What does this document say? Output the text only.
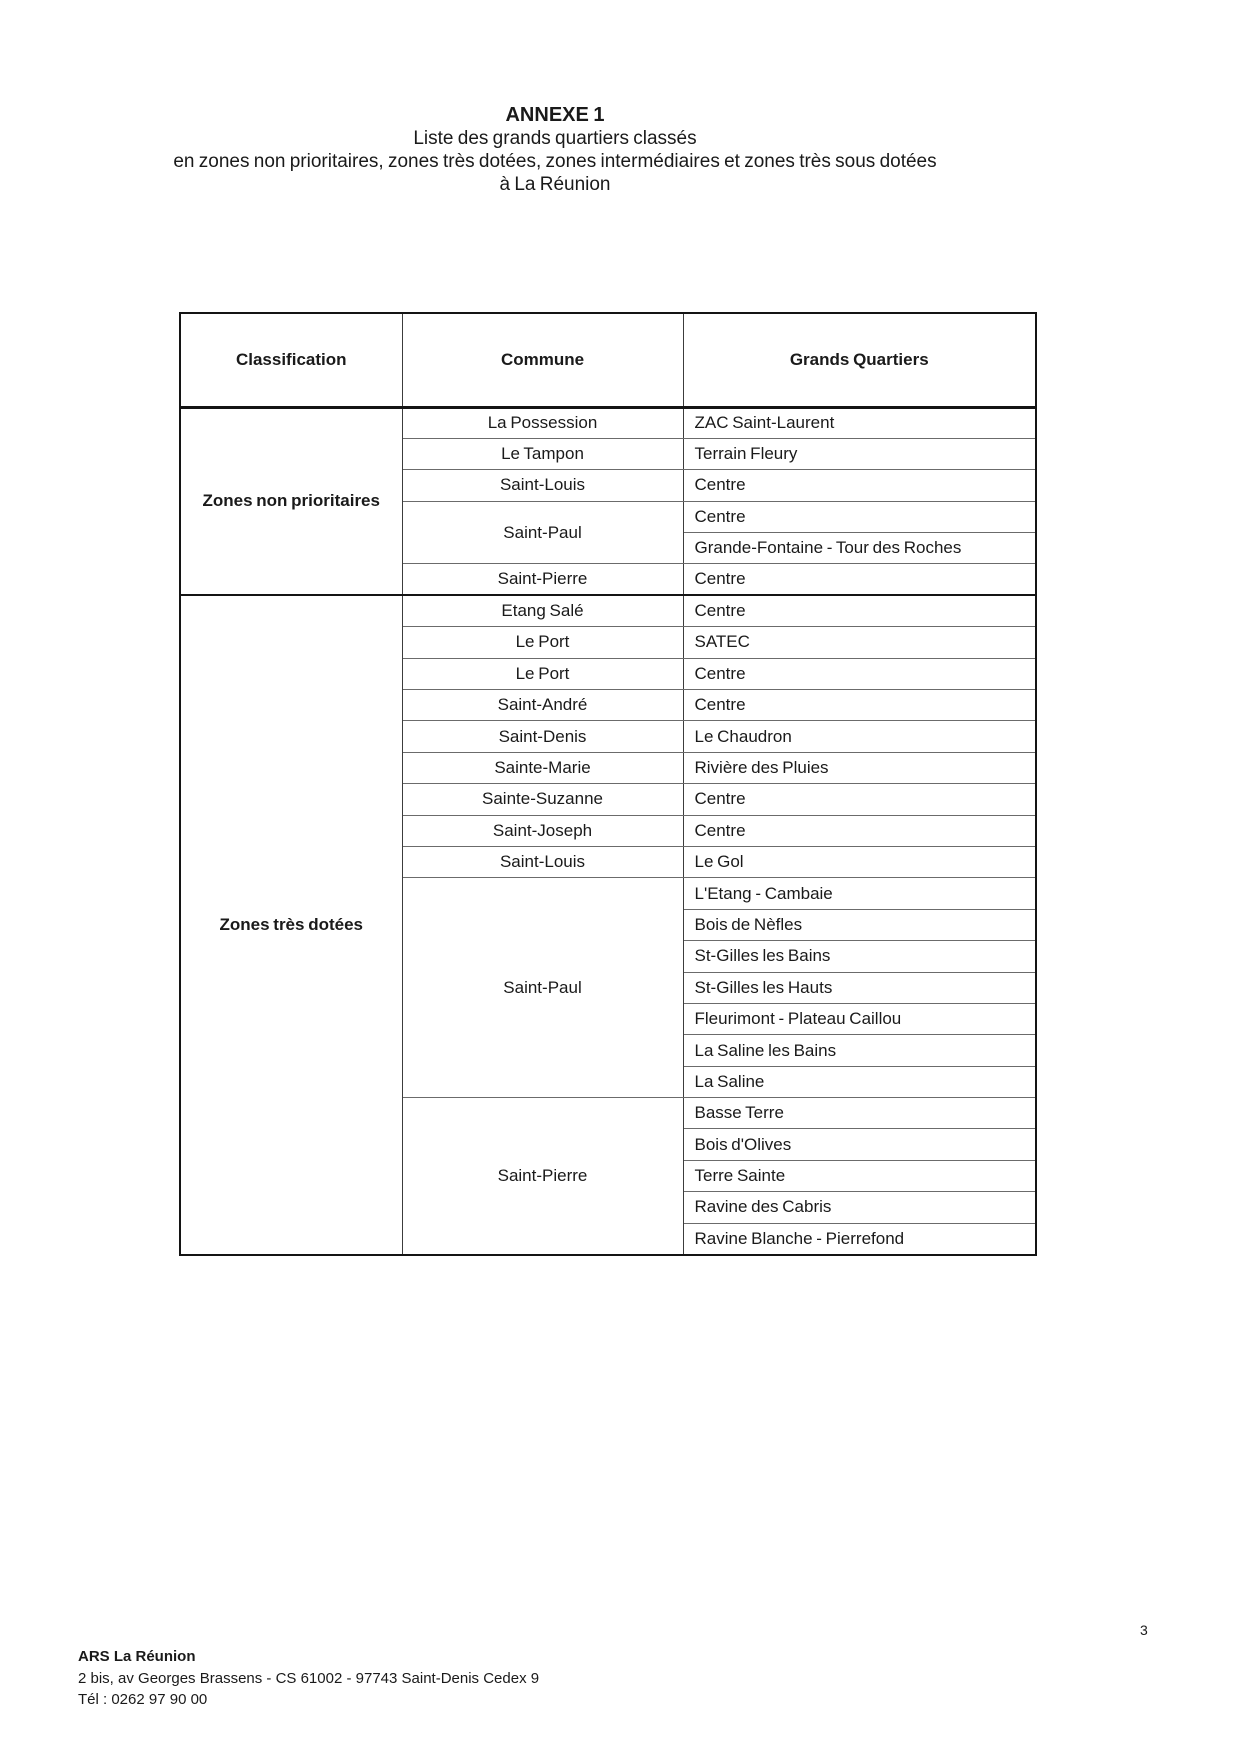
ANNEXE 1
Liste des grands quartiers classés
en zones non prioritaires, zones très dotées, zones intermédiaires et zones très sous dotées
à La Réunion
Classification	Commune	Grands Quartiers
Zones non prioritaires	La Possession	ZAC Saint-Laurent
	Le Tampon	Terrain Fleury
	Saint-Louis	Centre
	Saint-Paul	Centre
		Grande-Fontaine - Tour des Roches
	Saint-Pierre	Centre
Zones très dotées	Etang Salé	Centre
	Le Port	SATEC
	Le Port	Centre
	Saint-André	Centre
	Saint-Denis	Le Chaudron
	Sainte-Marie	Rivière des Pluies
	Sainte-Suzanne	Centre
	Saint-Joseph	Centre
	Saint-Louis	Le Gol
	Saint-Paul	L'Etang - Cambaie
		Bois de Nèfles
		St-Gilles les Bains
		St-Gilles les Hauts
		Fleurimont - Plateau Caillou
		La Saline les Bains
		La Saline
	Saint-Pierre	Basse Terre
		Bois d'Olives
		Terre Sainte
		Ravine des Cabris
		Ravine Blanche - Pierrefond
3
ARS La Réunion
2 bis, av Georges Brassens - CS 61002 - 97743 Saint-Denis Cedex 9
Tél : 0262 97 90 00
